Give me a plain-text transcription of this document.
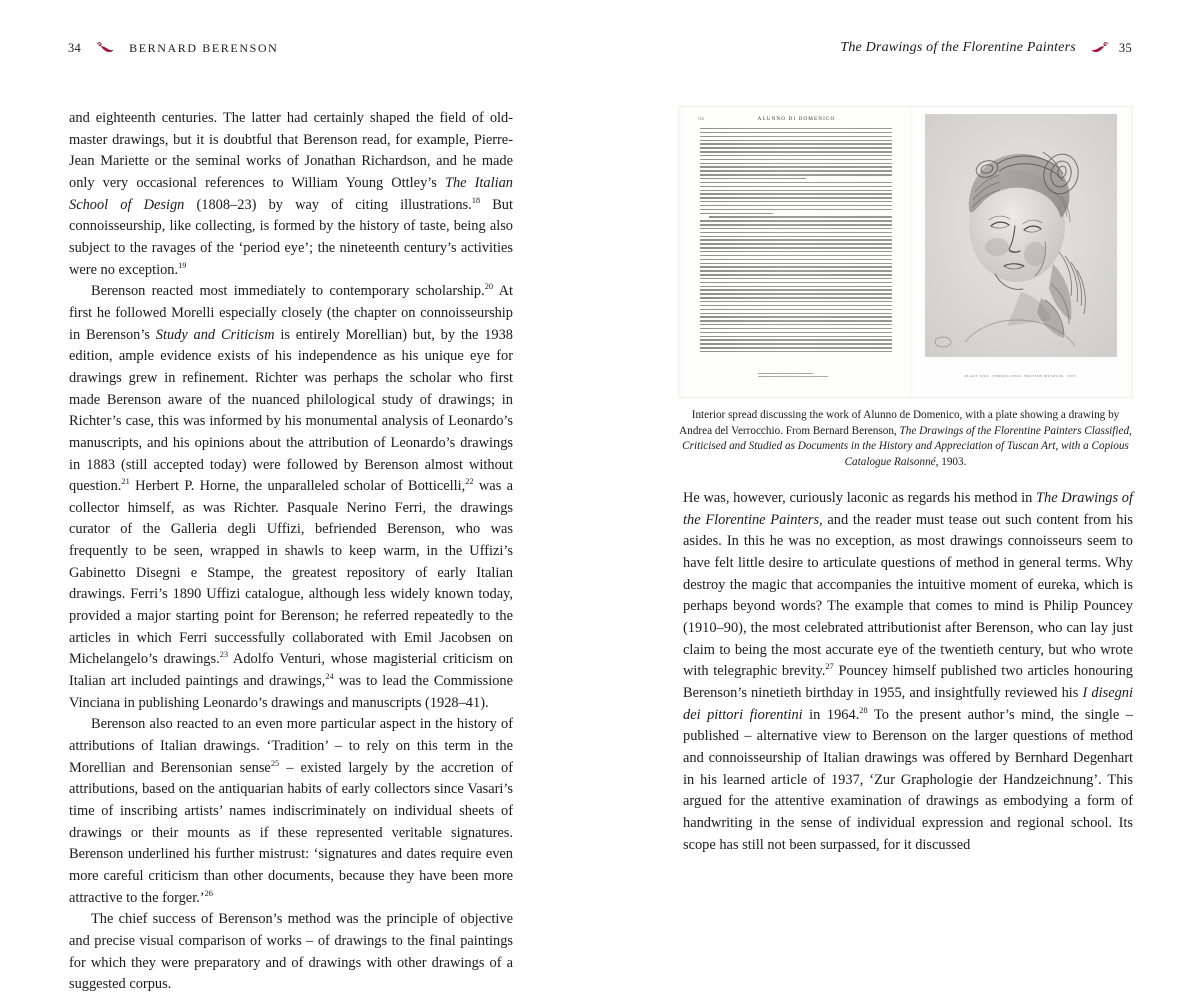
34	BERNARD BERENSON	The Drawings of the Florentine Painters	35

and eighteenth centuries. The latter had certainly shaped the field of old-master drawings, but it is doubtful that Berenson read, for example, Pierre-Jean Mariette or the seminal works of Jonathan Richardson, and he made only very occasional references to William Young Ottley’s The Italian School of Design (1808–23) by way of citing illustrations.$^{18}$ But connoisseurship, like collecting, is formed by the history of taste, being also subject to the ravages of the ‘period eye’; the nineteenth century’s activities were no exception.$^{19}$

Berenson reacted most immediately to contemporary scholarship.$^{20}$ At first he followed Morelli especially closely (the chapter on connoisseurship in Berenson’s Study and Criticism is entirely Morellian) but, by the 1938 edition, ample evidence exists of his independence as his unique eye for drawings grew in refinement. Richter was perhaps the scholar who first made Berenson aware of the nuanced philological study of drawings; in Richter’s case, this was informed by his monumental analysis of Leonardo’s manuscripts, and his opinions about the attribution of Leonardo’s drawings in 1883 (still accepted today) were followed by Berenson almost without question.$^{21}$ Herbert P. Horne, the unparalleled scholar of Botticelli,$^{22}$ was a collector himself, as was Richter. Pasquale Nerino Ferri, the drawings curator of the Galleria degli Uffizi, befriended Berenson, who was frequently to be seen, wrapped in shawls to keep warm, in the Uffizi’s Gabinetto Disegni e Stampe, the greatest repository of early Italian drawings. Ferri’s 1890 Uffizi catalogue, although less widely known today, provided a major starting point for Berenson; he referred repeatedly to the articles in which Ferri successfully collaborated with Emil Jacobsen on Michelangelo’s drawings.$^{23}$ Adolfo Venturi, whose magisterial criticism on Italian art included paintings and drawings,$^{24}$ was to lead the Commissione Vinciana in publishing Leonardo’s drawings and manuscripts (1928–41).

Berenson also reacted to an even more particular aspect in the history of attributions of Italian drawings. ‘Tradition’ – to rely on this term in the Morellian and Berensonian sense$^{25}$ – existed largely by the accretion of attributions, based on the antiquarian habits of early collectors since Vasari’s time of inscribing artists’ names indiscriminately on individual sheets of drawings or their mounts as if these represented veritable signatures. Berenson underlined his further mistrust: ‘signatures and dates require even more careful criticism than other documents, because they have been more attractive to the forger.’$^{26}$

The chief success of Berenson’s method was the principle of objective and precise visual comparison of works – of drawings to the final paintings for which they were preparatory and of drawings with other drawings of a suggested corpus.

116	ALUNNO DI DOMENICO
PLATE XXX. VERROCCHIO. BRITISH MUSEUM, 1903.
Interior spread discussing the work of Alunno de Domenico, with a plate showing a drawing by Andrea del Verrocchio. From Bernard Berenson, The Drawings of the Florentine Painters Classified, Criticised and Studied as Documents in the History and Appreciation of Tuscan Art, with a Copious Catalogue Raisonné, 1903.

He was, however, curiously laconic as regards his method in The Drawings of the Florentine Painters, and the reader must tease out such content from his asides. In this he was no exception, as most drawings connoisseurs seem to have felt little desire to articulate questions of method in general terms. Why destroy the magic that accompanies the intuitive moment of eureka, which is perhaps beyond words? The example that comes to mind is Philip Pouncey (1910–90), the most celebrated attributionist after Berenson, who can lay just claim to being the most accurate eye of the twentieth century, but who wrote with telegraphic brevity.$^{27}$ Pouncey himself published two articles honouring Berenson’s ninetieth birthday in 1955, and insightfully reviewed his I disegni dei pittori fiorentini in 1964.28 To the present author’s mind, the single – published – alternative view to Berenson on the larger questions of method and connoisseurship of Italian drawings was offered by Bernhard Degenhart in his learned article of 1937, ‘Zur Graphologie der Handzeichnung’. This argued for the attentive examination of drawings as embodying a form of handwriting in the sense of individual expression and regional school. Its scope has still not been surpassed, for it discussed
